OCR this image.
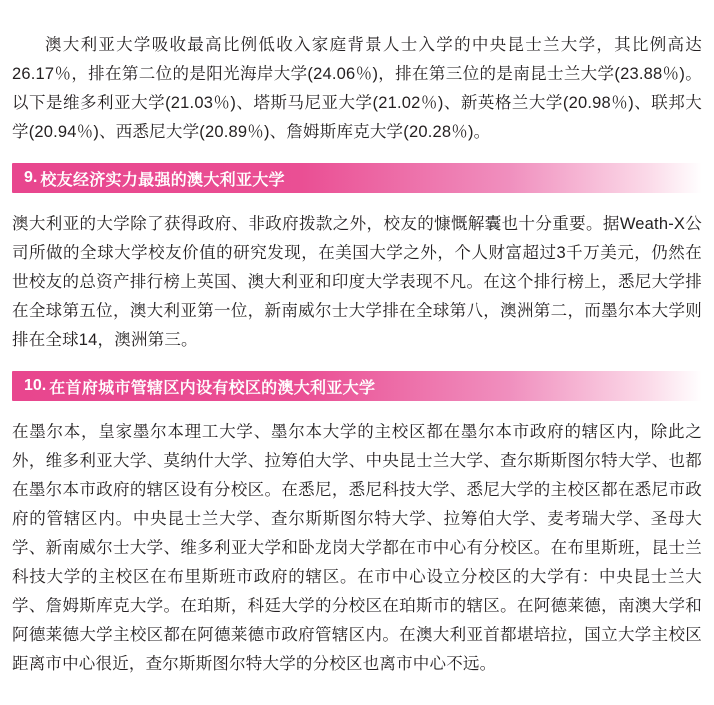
澳大利亚大学吸收最高比例低收入家庭背景人士入学的中央昆士兰大学，其比例高达26.17％，排在第二位的是阳光海岸大学(24.06％)，排在第三位的是南昆士兰大学(23.88％)。以下是维多利亚大学(21.03％)、塔斯马尼亚大学(21.02％)、新英格兰大学(20.98％)、联邦大学(20.94％)、西悉尼大学(20.89％)、詹姆斯库克大学(20.28％)。

9. 校友经济实力最强的澳大利亚大学

澳大利亚的大学除了获得政府、非政府拨款之外，校友的慷慨解囊也十分重要。据Weath-X公司所做的全球大学校友价值的研究发现，在美国大学之外，个人财富超过3千万美元，仍然在世校友的总资产排行榜上英国、澳大利亚和印度大学表现不凡。在这个排行榜上，悉尼大学排在全球第五位，澳大利亚第一位，新南威尔士大学排在全球第八，澳洲第二，而墨尔本大学则排在全球14，澳洲第三。

10. 在首府城市管辖区内设有校区的澳大利亚大学

在墨尔本，皇家墨尔本理工大学、墨尔本大学的主校区都在墨尔本市政府的辖区内，除此之外，维多利亚大学、莫纳什大学、拉筹伯大学、中央昆士兰大学、查尔斯斯图尔特大学、也都在墨尔本市政府的辖区设有分校区。在悉尼，悉尼科技大学、悉尼大学的主校区都在悉尼市政府的管辖区内。中央昆士兰大学、查尔斯斯图尔特大学、拉筹伯大学、麦考瑞大学、圣母大学、新南威尔士大学、维多利亚大学和卧龙岗大学都在市中心有分校区。在布里斯班，昆士兰科技大学的主校区在布里斯班市政府的辖区。在市中心设立分校区的大学有：中央昆士兰大学、詹姆斯库克大学。在珀斯，科廷大学的分校区在珀斯市的辖区。在阿德莱德，南澳大学和阿德莱德大学主校区都在阿德莱德市政府管辖区内。在澳大利亚首都堪培拉，国立大学主校区距离市中心很近，查尔斯斯图尔特大学的分校区也离市中心不远。
